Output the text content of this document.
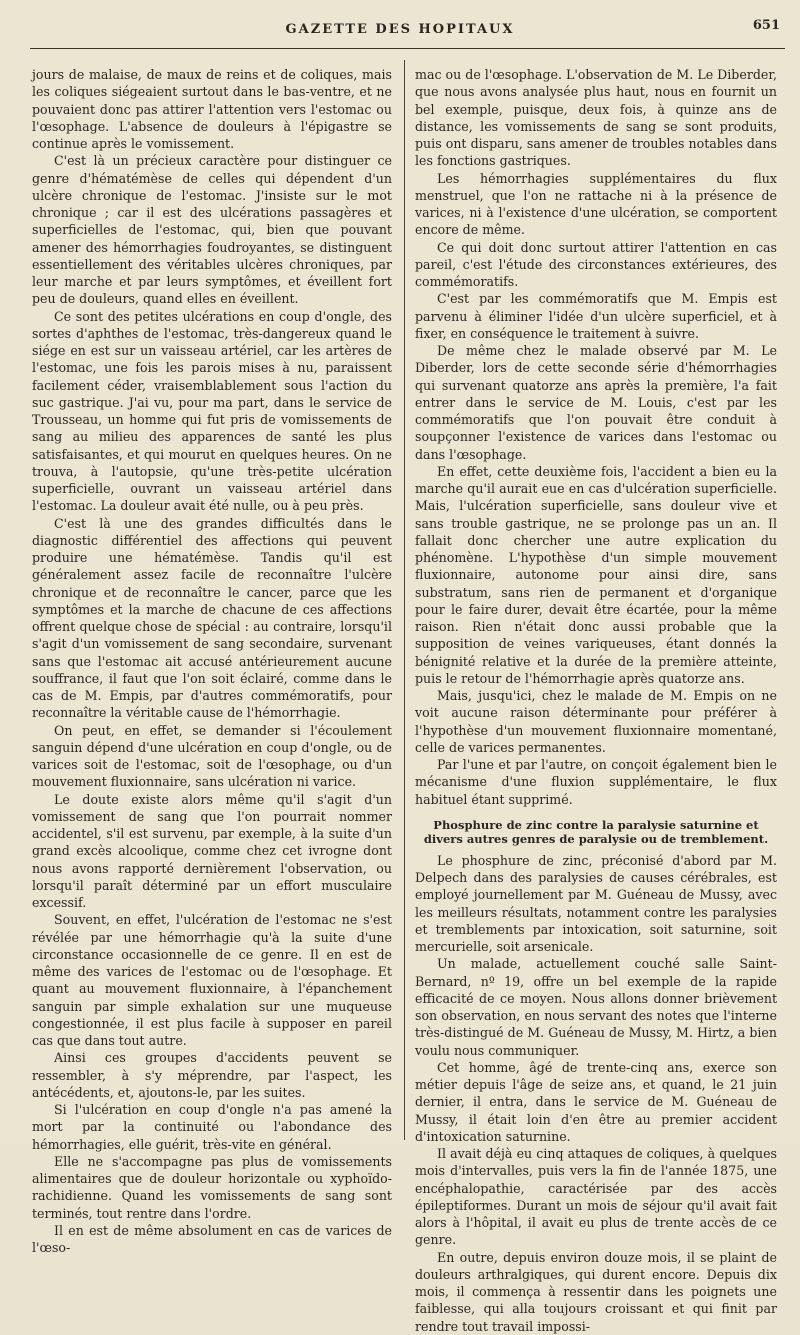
GAZETTE DES HOPITAUX	651

jours de malaise, de maux de reins et de coliques, mais les coliques siégeaient surtout dans le bas-ventre, et ne pouvaient donc pas attirer l'attention vers l'estomac ou l'œsophage. L'absence de douleurs à l'épigastre se continue après le vomissement.

C'est là un précieux caractère pour distinguer ce genre d'hématémèse de celles qui dépendent d'un ulcère chronique de l'estomac. J'insiste sur le mot chronique ; car il est des ulcérations passagères et superficielles de l'estomac, qui, bien que pouvant amener des hémorrhagies foudroyantes, se distinguent essentiellement des véritables ulcères chroniques, par leur marche et par leurs symptômes, et éveillent fort peu de douleurs, quand elles en éveillent.

Ce sont des petites ulcérations en coup d'ongle, des sortes d'aphthes de l'estomac, très-dangereux quand le siége en est sur un vaisseau artériel, car les artères de l'estomac, une fois les parois mises à nu, paraissent facilement céder, vraisemblablement sous l'action du suc gastrique. J'ai vu, pour ma part, dans le service de Trousseau, un homme qui fut pris de vomissements de sang au milieu des apparences de santé les plus satisfaisantes, et qui mourut en quelques heures. On ne trouva, à l'autopsie, qu'une très-petite ulcération superficielle, ouvrant un vaisseau artériel dans l'estomac. La douleur avait été nulle, ou à peu près.

C'est là une des grandes difficultés dans le diagnostic différentiel des affections qui peuvent produire une hématémèse. Tandis qu'il est généralement assez facile de reconnaître l'ulcère chronique et de reconnaître le cancer, parce que les symptômes et la marche de chacune de ces affections offrent quelque chose de spécial : au contraire, lorsqu'il s'agit d'un vomissement de sang secondaire, survenant sans que l'estomac ait accusé antérieurement aucune souffrance, il faut que l'on soit éclairé, comme dans le cas de M. Empis, par d'autres commémoratifs, pour reconnaître la véritable cause de l'hémorrhagie.

On peut, en effet, se demander si l'écoulement sanguin dépend d'une ulcération en coup d'ongle, ou de varices soit de l'estomac, soit de l'œsophage, ou d'un mouvement fluxionnaire, sans ulcération ni varice.

Le doute existe alors même qu'il s'agit d'un vomissement de sang que l'on pourrait nommer accidentel, s'il est survenu, par exemple, à la suite d'un grand excès alcoolique, comme chez cet ivrogne dont nous avons rapporté dernièrement l'observation, ou lorsqu'il paraît déterminé par un effort musculaire excessif.

Souvent, en effet, l'ulcération de l'estomac ne s'est révélée par une hémorrhagie qu'à la suite d'une circonstance occasionnelle de ce genre. Il en est de même des varices de l'estomac ou de l'œsophage. Et quant au mouvement fluxionnaire, à l'épanchement sanguin par simple exhalation sur une muqueuse congestionnée, il est plus facile à supposer en pareil cas que dans tout autre.

Ainsi ces groupes d'accidents peuvent se ressembler, à s'y méprendre, par l'aspect, les antécédents, et, ajoutons-le, par les suites.

Si l'ulcération en coup d'ongle n'a pas amené la mort par la continuité ou l'abondance des hémorrhagies, elle guérit, très-vite en général.

Elle ne s'accompagne pas plus de vomissements alimentaires que de douleur horizontale ou xyphoïdo-rachidienne. Quand les vomissements de sang sont terminés, tout rentre dans l'ordre.

Il en est de même absolument en cas de varices de l'œso-

mac ou de l'œsophage. L'observation de M. Le Diberder, que nous avons analysée plus haut, nous en fournit un bel exemple, puisque, deux fois, à quinze ans de distance, les vomissements de sang se sont produits, puis ont disparu, sans amener de troubles notables dans les fonctions gastriques.

Les hémorrhagies supplémentaires du flux menstruel, que l'on ne rattache ni à la présence de varices, ni à l'existence d'une ulcération, se comportent encore de même.

Ce qui doit donc surtout attirer l'attention en cas pareil, c'est l'étude des circonstances extérieures, des commémoratifs.

C'est par les commémoratifs que M. Empis est parvenu à éliminer l'idée d'un ulcère superficiel, et à fixer, en conséquence le traitement à suivre.

De même chez le malade observé par M. Le Diberder, lors de cette seconde série d'hémorrhagies qui survenant quatorze ans après la première, l'a fait entrer dans le service de M. Louis, c'est par les commémoratifs que l'on pouvait être conduit à soupçonner l'existence de varices dans l'estomac ou dans l'œsophage.

En effet, cette deuxième fois, l'accident a bien eu la marche qu'il aurait eue en cas d'ulcération superficielle. Mais, l'ulcération superficielle, sans douleur vive et sans trouble gastrique, ne se prolonge pas un an. Il fallait donc chercher une autre explication du phénomène. L'hypothèse d'un simple mouvement fluxionnaire, autonome pour ainsi dire, sans substratum, sans rien de permanent et d'organique pour le faire durer, devait être écartée, pour la même raison. Rien n'était donc aussi probable que la supposition de veines variqueuses, étant donnés la bénignité relative et la durée de la première atteinte, puis le retour de l'hémorrhagie après quatorze ans.

Mais, jusqu'ici, chez le malade de M. Empis on ne voit aucune raison déterminante pour préférer à l'hypothèse d'un mouvement fluxionnaire momentané, celle de varices permanentes.

Par l'une et par l'autre, on conçoit également bien le mécanisme d'une fluxion supplémentaire, le flux habituel étant supprimé.

Phosphure de zinc contre la paralysie saturnine et divers autres genres de paralysie ou de tremblement.

Le phosphure de zinc, préconisé d'abord par M. Delpech dans des paralysies de causes cérébrales, est employé journellement par M. Guéneau de Mussy, avec les meilleurs résultats, notamment contre les paralysies et tremblements par intoxication, soit saturnine, soit mercurielle, soit arsenicale.

Un malade, actuellement couché salle Saint-Bernard, nº 19, offre un bel exemple de la rapide efficacité de ce moyen. Nous allons donner brièvement son observation, en nous servant des notes que l'interne très-distingué de M. Guéneau de Mussy, M. Hirtz, a bien voulu nous communiquer.

Cet homme, âgé de trente-cinq ans, exerce son métier depuis l'âge de seize ans, et quand, le 21 juin dernier, il entra, dans le service de M. Guéneau de Mussy, il était loin d'en être au premier accident d'intoxication saturnine.

Il avait déjà eu cinq attaques de coliques, à quelques mois d'intervalles, puis vers la fin de l'année 1875, une encéphalopathie, caractérisée par des accès épileptiformes. Durant un mois de séjour qu'il avait fait alors à l'hôpital, il avait eu plus de trente accès de ce genre.

En outre, depuis environ douze mois, il se plaint de douleurs arthralgiques, qui durent encore. Depuis dix mois, il commença à ressentir dans les poignets une faiblesse, qui alla toujours croissant et qui finit par rendre tout travail impossi-
